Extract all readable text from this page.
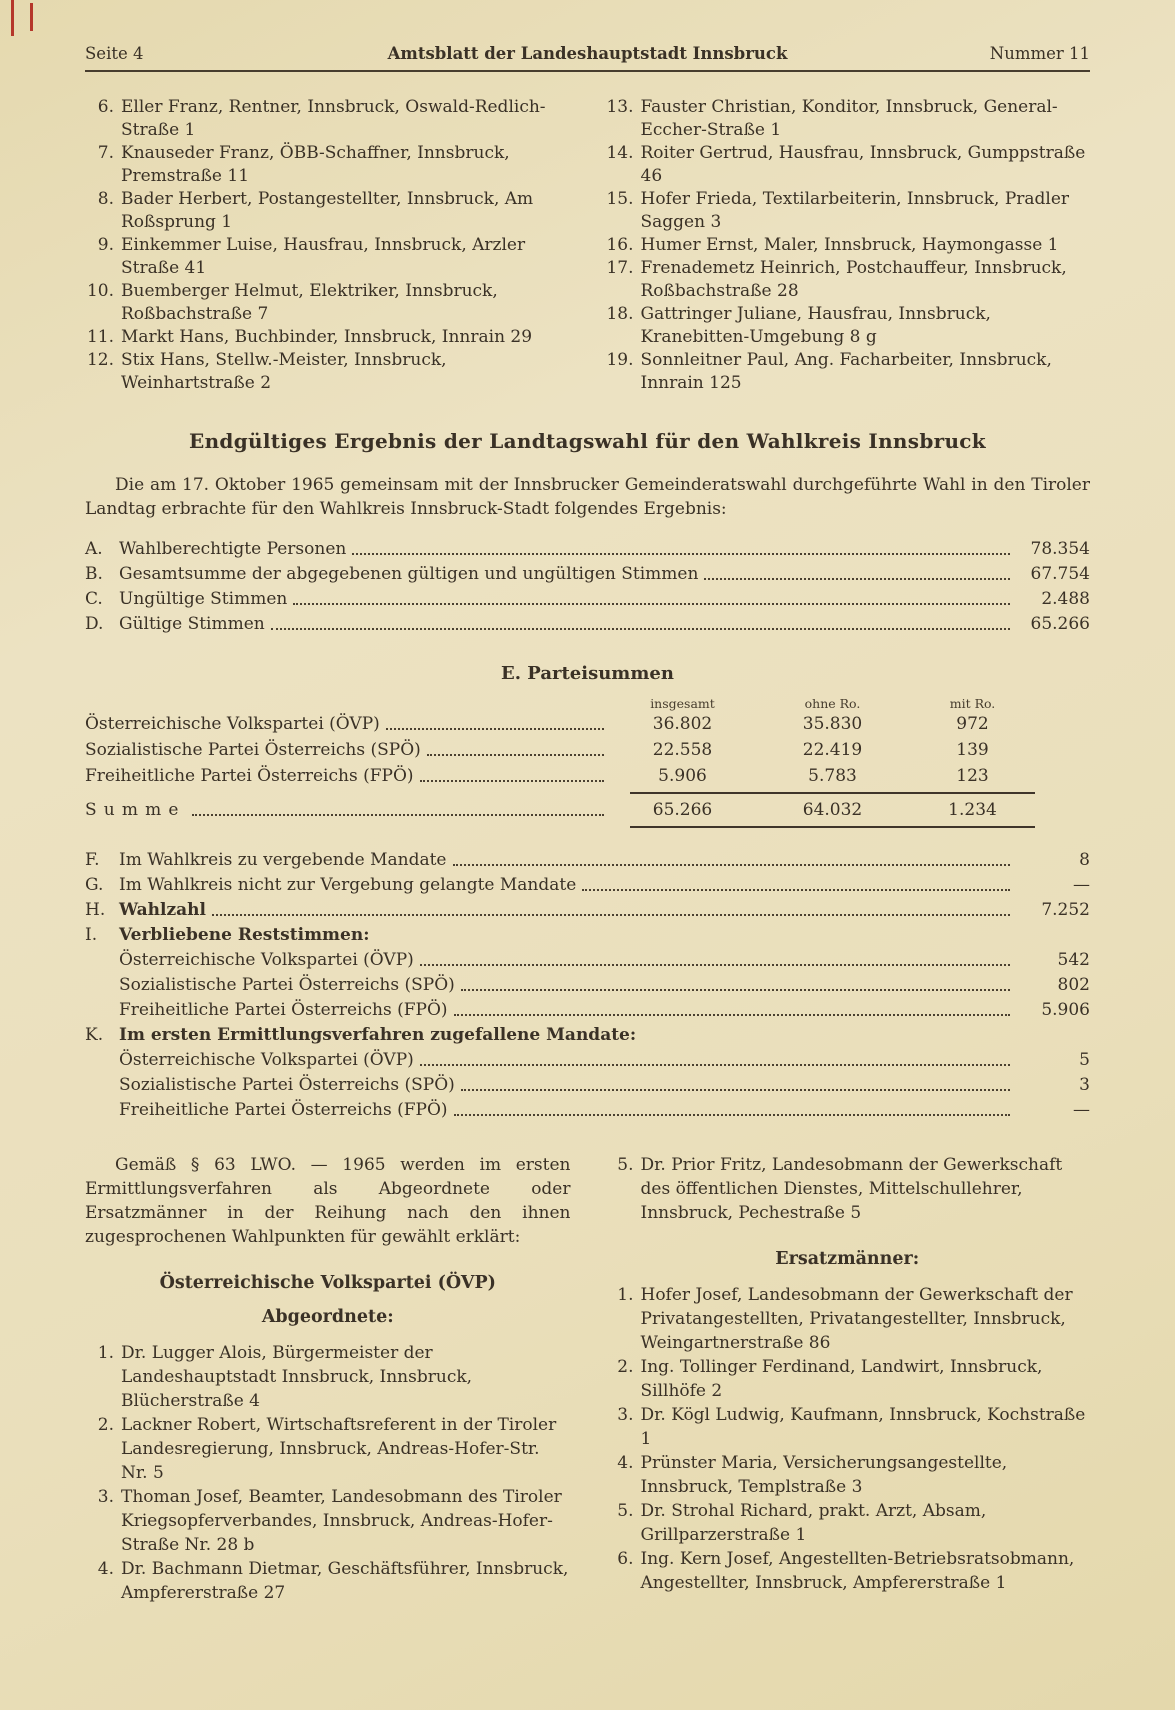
Seite 4	Amtsblatt der Landeshauptstadt Innsbruck	Nummer 11
6. Eller Franz, Rentner, Innsbruck, Oswald-Redlich-Straße 1
7. Knauseder Franz, ÖBB-Schaffner, Innsbruck, Premstraße 11
8. Bader Herbert, Postangestellter, Innsbruck, Am Roßsprung 1
9. Einkemmer Luise, Hausfrau, Innsbruck, Arzler Straße 41
10. Buemberger Helmut, Elektriker, Innsbruck, Roßbachstraße 7
11. Markt Hans, Buchbinder, Innsbruck, Innrain 29
12. Stix Hans, Stellw.-Meister, Innsbruck, Weinhartstraße 2
13. Fauster Christian, Konditor, Innsbruck, General-Eccher-Straße 1
14. Roiter Gertrud, Hausfrau, Innsbruck, Gumppstraße 46
15. Hofer Frieda, Textilarbeiterin, Innsbruck, Pradler Saggen 3
16. Humer Ernst, Maler, Innsbruck, Haymongasse 1
17. Frenademetz Heinrich, Postchauffeur, Innsbruck, Roßbachstraße 28
18. Gattringer Juliane, Hausfrau, Innsbruck, Kranebitten-Umgebung 8 g
19. Sonnleitner Paul, Ang. Facharbeiter, Innsbruck, Innrain 125
Endgültiges Ergebnis der Landtagswahl für den Wahlkreis Innsbruck

Die am 17. Oktober 1965 gemeinsam mit der Innsbrucker Gemeinderatswahl durchgeführte Wahl in den Tiroler Landtag erbrachte für den Wahlkreis Innsbruck-Stadt folgendes Ergebnis:

A. Wahlberechtigte Personen	78.354
B. Gesamtsumme der abgegebenen gültigen und ungültigen Stimmen	67.754
C. Ungültige Stimmen	2.488
D. Gültige Stimmen	65.266
E. Parteisummen
insgesamt	ohne Ro.	mit Ro.
Österreichische Volkspartei (ÖVP)	36.802	35.830	972
Sozialistische Partei Österreichs (SPÖ)	22.558	22.419	139
Freiheitliche Partei Österreichs (FPÖ)	5.906	5.783	123
Summe	65.266	64.032	1.234
F.	Im Wahlkreis zu vergebende Mandate	8
G. Im Wahlkreis nicht zur Vergebung gelangte Mandate	—
H. Wahlzahl	7.252
I.	Verbliebene Reststimmen:
Österreichische Volkspartei (ÖVP)	542
Sozialistische Partei Österreichs (SPÖ)	802
Freiheitliche Partei Österreichs (FPÖ)	5.906
K. Im ersten Ermittlungsverfahren zugefallene Mandate:
Österreichische Volkspartei (ÖVP)	5
Sozialistische Partei Österreichs (SPÖ)	3
Freiheitliche Partei Österreichs (FPÖ)	—

Gemäß § 63 LWO. — 1965 werden im ersten Ermittlungsverfahren als Abgeordnete oder Ersatzmänner in der Reihung nach den ihnen zugesprochenen Wahlpunkten für gewählt erklärt:

Österreichische Volkspartei (ÖVP)
Abgeordnete:
1. Dr. Lugger Alois, Bürgermeister der Landeshauptstadt Innsbruck, Innsbruck, Blücherstraße 4
2. Lackner Robert, Wirtschaftsreferent in der Tiroler Landesregierung, Innsbruck, Andreas-Hofer-Str. Nr. 5
3. Thoman Josef, Beamter, Landesobmann des Tiroler Kriegsopferverbandes, Innsbruck, Andreas-Hofer-Straße Nr. 28 b
4. Dr. Bachmann Dietmar, Geschäftsführer, Innsbruck, Ampfererstraße 27
5. Dr. Prior Fritz, Landesobmann der Gewerkschaft des öffentlichen Dienstes, Mittelschullehrer, Innsbruck, Pechestraße 5
Ersatzmänner:
1. Hofer Josef, Landesobmann der Gewerkschaft der Privatangestellten, Privatangestellter, Innsbruck, Weingartnerstraße 86
2. Ing. Tollinger Ferdinand, Landwirt, Innsbruck, Sillhöfe 2
3. Dr. Kögl Ludwig, Kaufmann, Innsbruck, Kochstraße 1
4. Prünster Maria, Versicherungsangestellte, Innsbruck, Templstraße 3
5. Dr. Strohal Richard, prakt. Arzt, Absam, Grillparzerstraße 1
6. Ing. Kern Josef, Angestellten-Betriebsratsobmann, Angestellter, Innsbruck, Ampfererstraße 1
